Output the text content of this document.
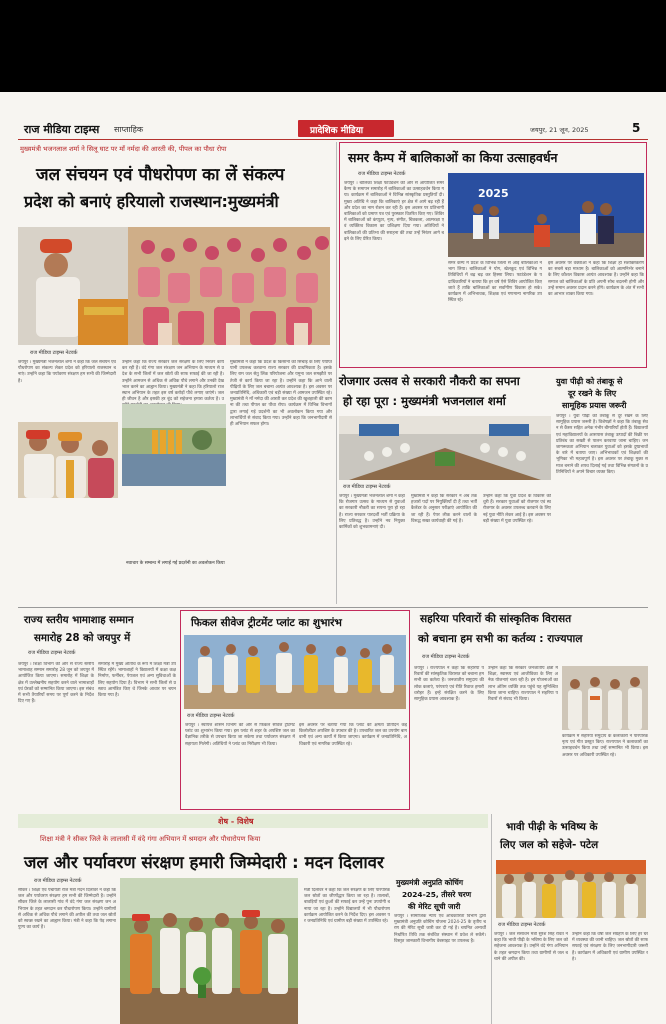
राज मीडिया टाइम्स साप्ताहिक	प्रादेशिक मीडिया	जयपुर, 21 जून, 2025	5
मुख्यमंत्री भजनलाल शर्मा ने सिलू घाट पर माँ नर्मदा की आरती की, पीपल का पौधा रोपा
जल संचयन एवं पौधरोपण का लें संकल्प
प्रदेश को बनाएं हरियालो राजस्थान:मुख्यमंत्री
राज मीडिया टाइम्स नेटवर्क
जयपुर । मुख्यमंत्री भजनलाल शर्मा ने कहा कि जल संचयन एवं पौधरोपण का संकल्प लेकर प्रदेश को हरियालो राजस्थान बनाएं। उन्होंने कहा कि पर्यावरण संरक्षण हम सभी की जिम्मेदारी है।
उन्होंने कहा कि राज्य सरकार जल संरक्षण के लिए निरंतर कार्य कर रही है। वंदे गंगा जल संरक्षण जन अभियान के माध्यम से प्रदेश के सभी जिलों में जल स्रोतों की साफ सफाई की जा रही है। उन्होंने आमजन से अधिक से अधिक पौधे लगाने और उनकी देखभाल करने का आह्वान किया। मुख्यमंत्री ने कहा कि हरियालो राजस्थान अभियान के तहत इस वर्ष करोड़ों पौधे लगाए जाएंगे। जल ही जीवन है और इसकी हर बूंद को सहेजना हमारा कर्तव्य है। उ
मुख्यमंत्री ने कहा कि प्रदेश के किसानों को सिंचाई के लिए पर्याप्त पानी उपलब्ध करवाना राज्य सरकार की प्राथमिकता है। इसके लिए राम जल सेतु लिंक परियोजना और यमुना जल समझौते पर तेजी से कार्य किया जा रहा है। उन्होंने कहा कि आने वाली पीढ़ियों के लिए जल बचाना अत्यंत आवश्यक है। इस अवसर पर जनप्रतिनिधि, अधिकारी एवं बड़ी संख्या में आमजन उपस्थित रहे। मुख्यमंत्री ने माँ नर्मदा की आरती कर प्रदेश की खुशहाली की कामना की तथा पीपल का पौधा रोपा। कार्यक्रम में विभिन्न विभागों द्वारा लगाई गई प्रदर्शनी का भी अवलोकन किया गया और लाभार्थियों से संवाद किया गया। उन्होंने कहा कि जनभागीदारी से ही अभियान सफल होगा।
नवाचार के सम्बन्ध में लगाई गई प्रदर्शनी का अवलोकन किया
समर कैम्प में बालिकाओं का किया उत्साहवर्धन
राज मीडिया टाइम्स नेटवर्क
जयपुर । बालिका शिक्षा फाउंडेशन की ओर से आयोजित समर कैम्प के समापन समारोह में बालिकाओं का उत्साहवर्धन किया गया। कार्यक्रम में बालिकाओं ने विभिन्न सांस्कृतिक प्रस्तुतियाँ दी। मुख्य अतिथि ने कहा कि बालिकाएं हर क्षेत्र में आगे बढ़ रही हैं और प्रदेश का नाम रोशन कर रही हैं। इस अवसर पर प्रतिभागी बालिकाओं को प्रमाण पत्र एवं पुरस्कार वितरित किए गए। शिविर में बालिकाओं को कंप्यूटर, नृत्य, संगीत, चित्रकला, आत्मरक्षा एवं व्यक्तित्व विकास का प्रशिक्षण दिया गया। अतिथियों ने बालिकाओं की प्रतिभा की सराहना की तथा उन्हें निरंतर आगे बढ़ने के लिए प्रेरित किया।
2025
समर कैम्प में प्रदेश के विभिन्न जिलों से आई बालिकाओं ने भाग लिया। बालिकाओं ने योग, खेलकूद एवं विभिन्न गतिविधियों में बढ़ चढ़ कर हिस्सा लिया। फाउंडेशन के पदाधिकारियों ने बताया कि हर वर्ष ऐसे शिविर आयोजित किए जाते हैं ताकि बालिकाओं का सर्वांगीण विकास हो सके। कार्यक्रम में अभिभावक, शिक्षक एवं गणमान्य नागरिक उपस्थित रहे।
इस अवसर पर वक्ताओं ने कहा कि शिक्षा ही सशक्तिकरण का सबसे बड़ा माध्यम है। बालिकाओं को आत्मनिर्भर बनाने के लिए कौशल विकास अत्यंत आवश्यक है। उन्होंने कहा कि समाज को बालिकाओं के प्रति अपनी सोच बदलनी होगी और उन्हें समान अवसर प्रदान करने होंगे। कार्यक्रम के अंत में सभी का आभार व्यक्त किया गया।
रोजगार उत्सव से सरकारी नौकरी का सपना
हो रहा पूरा : मुख्यमंत्री भजनलाल शर्मा
राज मीडिया टाइम्स नेटवर्क
जयपुर । मुख्यमंत्री भजनलाल शर्मा ने कहा कि रोजगार उत्सव के माध्यम से युवाओं का सरकारी नौकरी का सपना पूरा हो रहा है। राज्य सरकार पारदर्शी भर्ती प्रक्रिया के लिए प्रतिबद्ध है। उन्होंने नव नियुक्त कार्मिकों को शुभकामनाएं दी।
मुख्यमंत्री ने कहा कि सरकार ने अब तक हजारों पदों पर नियुक्तियाँ दी हैं तथा भर्ती कैलेंडर के अनुसार परीक्षाएं आयोजित की जा रही हैं। पेपर लीक करने वालों के विरुद्ध सख्त कार्यवाही की गई है।
उन्होंने कहा कि युवा प्रदेश के विकास की धुरी हैं। सरकार युवाओं को रोजगार एवं स्वरोजगार के अवसर उपलब्ध करवाने के लिए नई युवा नीति लेकर आई है। इस अवसर पर बड़ी संख्या में युवा उपस्थित रहे।
युवा पीढ़ी को तंबाकू से
दूर रखने के लिए
सामूहिक प्रयास जरूरी
जयपुर । युवा पीढ़ी को तंबाकू से दूर रखने के लिए सामूहिक प्रयास जरूरी है। विशेषज्ञों ने कहा कि तंबाकू सेवन से कैंसर सहित अनेक गंभीर बीमारियाँ होती हैं। विद्यालयों एवं महाविद्यालयों के आसपास तंबाकू उत्पादों की बिक्री पर प्रतिबंध का सख्ती से पालन करवाया जाना चाहिए। जन जागरूकता अभियान चलाकर युवाओं को इसके दुष्प्रभावों के बारे में बताया जाए। अभिभावकों एवं शिक्षकों की भूमिका भी महत्वपूर्ण है। इस अवसर पर तंबाकू मुक्त समाज बनाने की शपथ दिलाई गई तथा विभिन्न संगठनों के प्रतिनिधियों ने अपने विचार व्यक्त किए।
राज्य स्तरीय भामाशाह सम्मान
समारोह 28 को जयपुर में
राज मीडिया टाइम्स नेटवर्क
जयपुर । शिक्षा विभाग की ओर से राज्य स्तरीय भामाशाह सम्मान समारोह 28 जून को जयपुर में आयोजित किया जाएगा। समारोह में शिक्षा के क्षेत्र में उल्लेखनीय सहयोग करने वाले भामाशाहों एवं प्रेरकों को सम्मानित किया जाएगा। इस संबंध में सभी तैयारियाँ समय पर पूर्ण करने के निर्देश दिए गए हैं।
समारोह में मुख्य अतिथि के रूप में शिक्षा मंत्री उपस्थित रहेंगे। भामाशाहों ने विद्यालयों में कक्षा कक्ष निर्माण, फर्नीचर, पेयजल एवं अन्य सुविधाओं के लिए सहयोग दिया है। विभाग ने सभी जिलों से प्रस्ताव आमंत्रित किए थे जिनके आधार पर चयन किया गया है।
फिकल सीवेज ट्रीटमेंट प्लांट का शुभारंभ
राज मीडिया टाइम्स नेटवर्क
जयपुर । स्वायत्त शासन विभाग की ओर से फिकल सीवेज ट्रीटमेंट प्लांट का शुभारंभ किया गया। इस प्लांट से शहर के अपशिष्ट जल का वैज्ञानिक तरीके से उपचार किया जा सकेगा तथा पर्यावरण संरक्षण में सहायता मिलेगी। अतिथियों ने प्लांट का निरीक्षण भी किया।
इस अवसर पर बताया गया कि प्लांट की क्षमता प्रतिदिन कई किलोलीटर अपशिष्ट के उपचार की है। उपचारित जल का उपयोग बागवानी एवं अन्य कार्यों में किया जाएगा। कार्यक्रम में जनप्रतिनिधि, अधिकारी एवं नागरिक उपस्थित रहे।
सहरिया परिवारों की सांस्कृतिक विरासत
को बचाना हम सभी का कर्तव्य : राज्यपाल
राज मीडिया टाइम्स नेटवर्क
जयपुर । राज्यपाल ने कहा कि सहरिया परिवारों की सांस्कृतिक विरासत को बचाना हम सभी का कर्तव्य है। जनजातीय समुदाय की लोक कलाएं, परंपराएं एवं रीति रिवाज हमारी धरोहर हैं। इन्हें संरक्षित करने के लिए सामूहिक प्रयास आवश्यक हैं।
उन्होंने कहा कि सरकार जनजातीय क्षेत्रों में शिक्षा, स्वास्थ्य एवं आजीविका के लिए अनेक योजनाएं चला रही है। इन योजनाओं का लाभ अंतिम व्यक्ति तक पहुंचे यह सुनिश्चित किया जाना चाहिए। राज्यपाल ने सहरिया परिवारों से संवाद भी किया।
कार्यक्रम में सहरिया समुदाय के कलाकारों ने पारंपरिक नृत्य एवं गीत प्रस्तुत किए। राज्यपाल ने कलाकारों का उत्साहवर्धन किया तथा उन्हें सम्मानित भी किया। इस अवसर पर अधिकारी उपस्थित रहे।
शेष - विशेष
शिक्षा मंत्री ने सीकर जिले के लालासी में वंदे गंगा अभियान में श्रमदान और पौधारोपण किया
जल और पर्यावरण संरक्षण हमारी जिम्मेदारी : मदन दिलावर
राज मीडिया टाइम्स नेटवर्क
सीकर । शिक्षा एवं पंचायती राज मंत्री मदन दिलावर ने कहा कि जल और पर्यावरण संरक्षण हम सभी की जिम्मेदारी है। उन्होंने सीकर जिले के लालासी गांव में वंदे गंगा जल संरक्षण जन अभियान के तहत श्रमदान कर पौधारोपण किया। उन्होंने ग्रामीणों से अधिक से अधिक पौधे लगाने की अपील की तथा जल स्रोतों को स्वच्छ रखने का आह्वान किया। मंत्री ने कहा कि पेड़ लगाना पुण्य का कार्य है।
मंत्री दिलावर ने कहा कि जल संरक्षण के लिए पारंपरिक जल स्रोतों का जीर्णोद्धार किया जा रहा है। तालाबों, बावड़ियों एवं कुओं की सफाई कर उन्हें पुनः उपयोगी बनाया जा रहा है। उन्होंने विद्यालयों में भी पौधारोपण कार्यक्रम आयोजित करने के निर्देश दिए। इस अवसर पर जनप्रतिनिधि एवं ग्रामीण बड़ी संख्या में उपस्थित रहे।
मुख्यमंत्री अनुप्रति कोचिंग
2024-25, तीसरे चरण
की मेरिट सूची जारी
जयपुर । सामाजिक न्याय एवं अधिकारिता विभाग द्वारा मुख्यमंत्री अनुप्रति कोचिंग योजना 2024-25 के तृतीय चरण की मेरिट सूची जारी कर दी गई है। चयनित अभ्यर्थी निर्धारित तिथि तक संबंधित संस्थान में प्रवेश ले सकेंगे। विस्तृत जानकारी विभागीय वेबसाइट पर उपलब्ध है।
भावी पीढ़ी के भविष्य के
लिए जल को सहेजे- पटेल
राज मीडिया टाइम्स नेटवर्क
जयपुर । जल संसाधन मंत्री सुरेश सिंह रावत ने कहा कि भावी पीढ़ी के भविष्य के लिए जल को सहेजना आवश्यक है। उन्होंने वंदे गंगा अभियान के तहत श्रमदान किया तथा ग्रामीणों से जल बचाने की अपील की।
उन्होंने कहा कि वर्षा जल संग्रहण के लिए हर घर में व्यवस्था की जानी चाहिए। जल स्रोतों की साफ सफाई एवं संरक्षण के लिए जनभागीदारी जरूरी है। कार्यक्रम में अधिकारी एवं ग्रामीण उपस्थित रहे।
